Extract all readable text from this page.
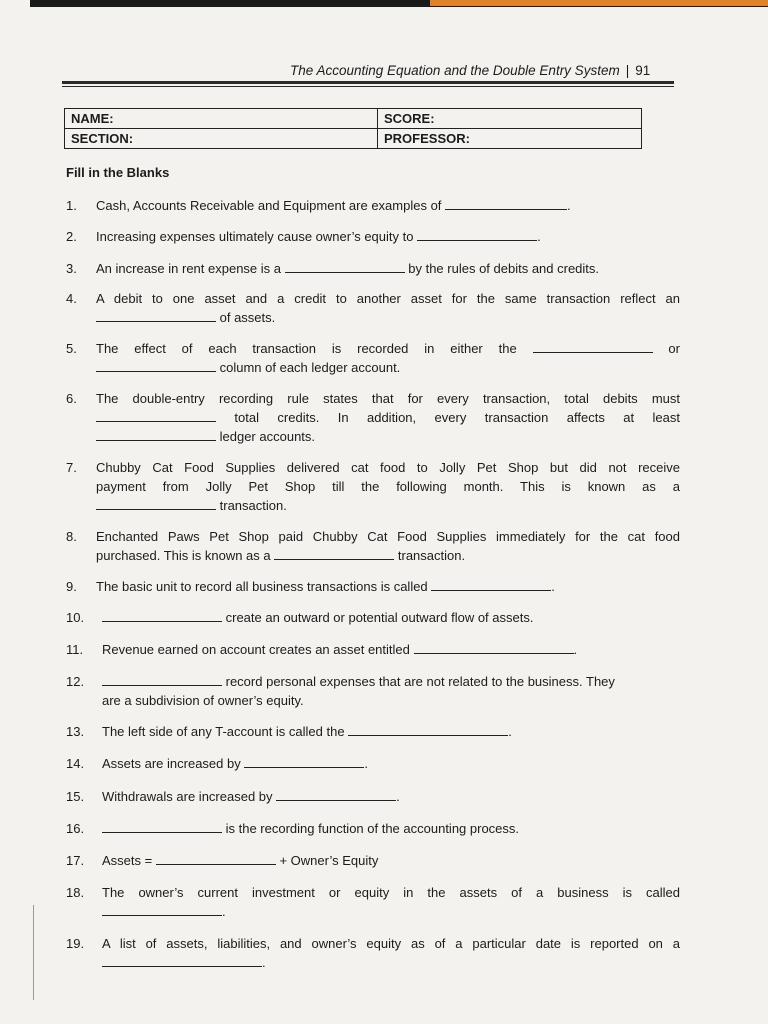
The Accounting Equation and the Double Entry System | 91
NAME:	SCORE:
SECTION:	PROFESSOR:
Fill in the Blanks
1. Cash, Accounts Receivable and Equipment are examples of	.
2. Increasing expenses ultimately cause owner’s equity to	.
3. An increase in rent expense is a	by the rules of debits and credits.
4. A debit to one asset and a credit to another asset for the same transaction reflect an
of assets.
5. The effect of each transaction is recorded in either the	or
column of each ledger account.
6. The double-entry recording rule states that for every transaction, total debits must
total credits. In addition, every transaction affects at least
ledger accounts.
7. Chubby Cat Food Supplies delivered cat food to Jolly Pet Shop but did not receive
payment from Jolly Pet Shop till the following month. This is known as a
transaction.
8. Enchanted Paws Pet Shop paid Chubby Cat Food Supplies immediately for the cat food
purchased. This is known as a	transaction.
9. The basic unit to record all business transactions is called	.
10.	create an outward or potential outward flow of assets.
11. Revenue earned on account creates an asset entitled	.
12.	record personal expenses that are not related to the business. They
are a subdivision of owner’s equity.
13. The left side of any T-account is called the	.
14. Assets are increased by	.
15. Withdrawals are increased by	.
16.	is the recording function of the accounting process.
17. Assets =	+ Owner’s Equity
18. The owner’s current investment or equity in the assets of a business is called
.
19. A list of assets, liabilities, and owner’s equity as of a particular date is reported on a
.
